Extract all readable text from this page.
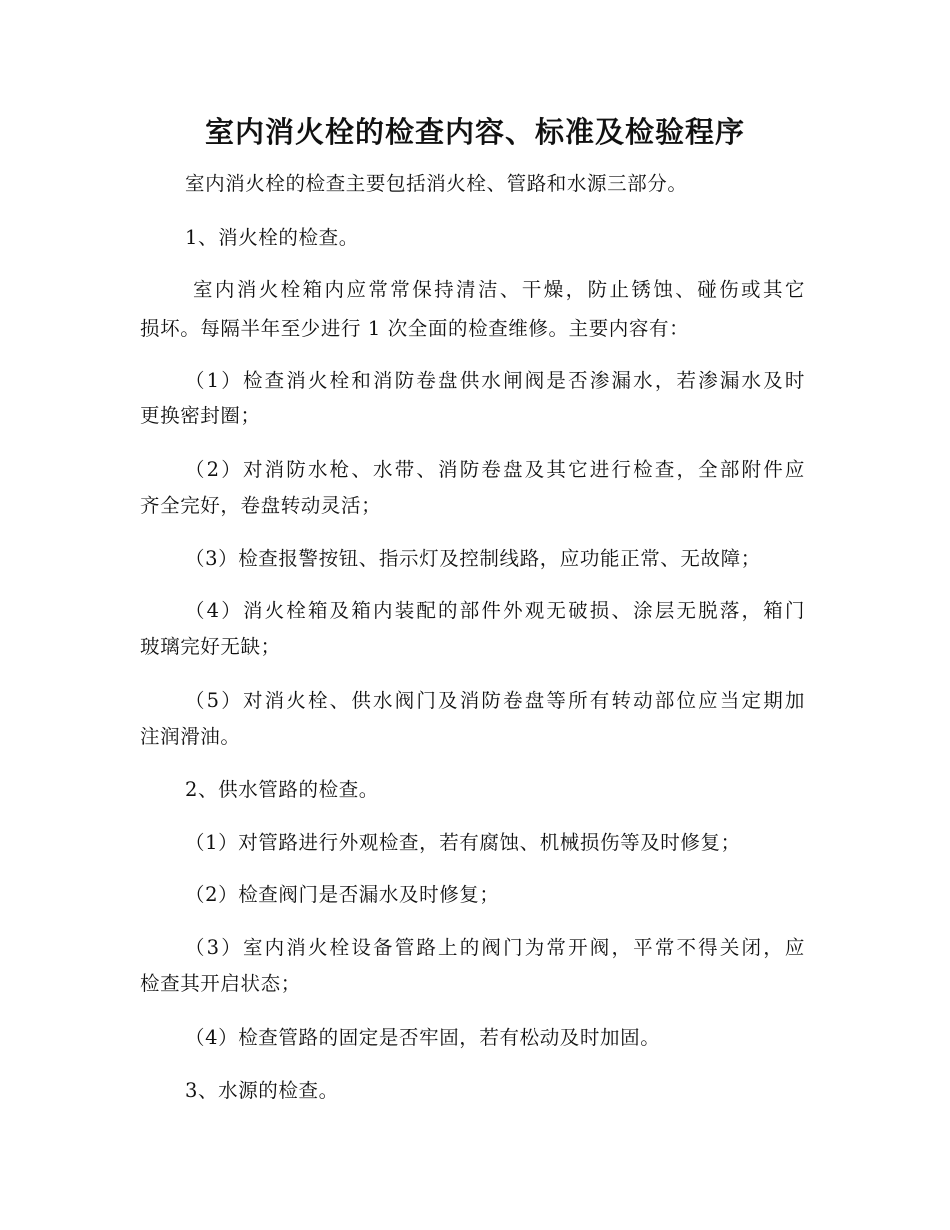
室内消火栓的检查内容、标准及检验程序

室内消火栓的检查主要包括消火栓、管路和水源三部分。

1、消火栓的检查。

室内消火栓箱内应常常保持清洁、干燥，防止锈蚀、碰伤或其它

损坏。每隔半年至少进行 1 次全面的检查维修。主要内容有：

（1）检查消火栓和消防卷盘供水闸阀是否渗漏水，若渗漏水及时

更换密封圈；

（2）对消防水枪、水带、消防卷盘及其它进行检查，全部附件应

齐全完好，卷盘转动灵活；

（3）检查报警按钮、指示灯及控制线路，应功能正常、无故障；

（4）消火栓箱及箱内装配的部件外观无破损、涂层无脱落，箱门

玻璃完好无缺；

（5）对消火栓、供水阀门及消防卷盘等所有转动部位应当定期加

注润滑油。

2、供水管路的检查。

（1）对管路进行外观检查，若有腐蚀、机械损伤等及时修复；

（2）检查阀门是否漏水及时修复；

（3）室内消火栓设备管路上的阀门为常开阀，平常不得关闭，应

检查其开启状态；

（4）检查管路的固定是否牢固，若有松动及时加固。

3、水源的检查。
